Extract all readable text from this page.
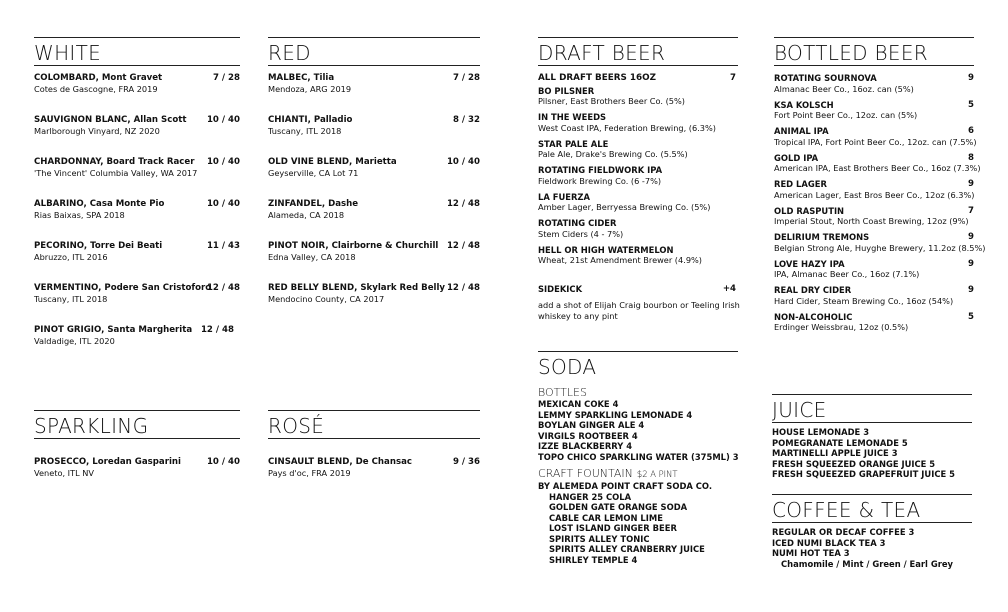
WHITE
COLOMBARD, Mont Gravet
Cotes de Gascogne, FRA 2019
7 / 28
SAUVIGNON BLANC, Allan Scott
Marlborough Vinyard, NZ 2020
10 / 40
CHARDONNAY, Board Track Racer
'The Vincent' Columbia Valley, WA 2017
10 / 40
ALBARINO, Casa Monte Pio
Rias Baixas, SPA 2018
10 / 40
PECORINO, Torre Dei Beati
Abruzzo, ITL 2016
11 / 43
VERMENTINO, Podere San Cristoforo
Tuscany, ITL 2018
12 / 48
PINOT GRIGIO, Santa Margherita
Valdadige, ITL 2020
12 / 48
RED
MALBEC, Tilia
Mendoza, ARG 2019
7 / 28
CHIANTI, Palladio
Tuscany, ITL 2018
8 / 32
OLD VINE BLEND, Marietta
Geyserville, CA Lot 71
10 / 40
ZINFANDEL, Dashe
Alameda, CA 2018
12 / 48
PINOT NOIR, Clairborne & Churchill
Edna Valley, CA 2018
12 / 48
RED BELLY BLEND, Skylark Red Belly
Mendocino County, CA 2017
12 / 48
SPARKLING
PROSECCO, Loredan Gasparini
Veneto, ITL NV
10 / 40
ROSÉ
CINSAULT BLEND, De Chansac
Pays d'oc, FRA 2019
9 / 36
DRAFT BEER
ALL DRAFT BEERS 16OZ	7
BO PILSNER
Pilsner, East Brothers Beer Co. (5%)
IN THE WEEDS
West Coast IPA, Federation Brewing, (6.3%)
STAR PALE ALE
Pale Ale, Drake's Brewing Co. (5.5%)
ROTATING FIELDWORK IPA
Fieldwork Brewing Co. (6 -7%)
LA FUERZA
Amber Lager, Berryessa Brewing Co. (5%)
ROTATING CIDER
Stem Ciders (4 - 7%)
HELL OR HIGH WATERMELON
Wheat, 21st Amendment Brewer (4.9%)
SIDEKICK	+4
add a shot of Elijah Craig bourbon or Teeling Irish
whiskey to any pint
SODA
BOTTLES
MEXICAN COKE 4
LEMMY SPARKLING LEMONADE 4
BOYLAN GINGER ALE 4
VIRGILS ROOTBEER 4
IZZE BLACKBERRY 4
TOPO CHICO SPARKLING WATER (375ML) 3
CRAFT FOUNTAIN $2 A PINT
BY ALEMEDA POINT CRAFT SODA CO.
HANGER 25 COLA
GOLDEN GATE ORANGE SODA
CABLE CAR LEMON LIME
LOST ISLAND GINGER BEER
SPIRITS ALLEY TONIC
SPIRITS ALLEY CRANBERRY JUICE
SHIRLEY TEMPLE 4
BOTTLED BEER
ROTATING SOURNOVA
Almanac Beer Co., 16oz. can (5%)
9
KSA KOLSCH
Fort Point Beer Co., 12oz. can (5%)
5
ANIMAL IPA
Tropical IPA, Fort Point Beer Co., 12oz. can (7.5%)
6
GOLD IPA
American IPA, East Brothers Beer Co., 16oz (7.3%)
8
RED LAGER
American Lager, East Bros Beer Co., 12oz (6.3%)
9
OLD RASPUTIN
Imperial Stout, North Coast Brewing, 12oz (9%)
7
DELIRIUM TREMONS
Belgian Strong Ale, Huyghe Brewery, 11.2oz (8.5%)
9
LOVE HAZY IPA
IPA, Almanac Beer Co., 16oz (7.1%)
9
REAL DRY CIDER
Hard Cider, Steam Brewing Co., 16oz (54%)
9
NON-ALCOHOLIC
Erdinger Weissbrau, 12oz (0.5%)
5
JUICE
HOUSE LEMONADE 3
POMEGRANATE LEMONADE 5
MARTINELLI APPLE JUICE 3
FRESH SQUEEZED ORANGE JUICE 5
FRESH SQUEEZED GRAPEFRUIT JUICE 5
COFFEE & TEA
REGULAR OR DECAF COFFEE 3
ICED NUMI BLACK TEA 3
NUMI HOT TEA 3
Chamomile / Mint / Green / Earl Grey
